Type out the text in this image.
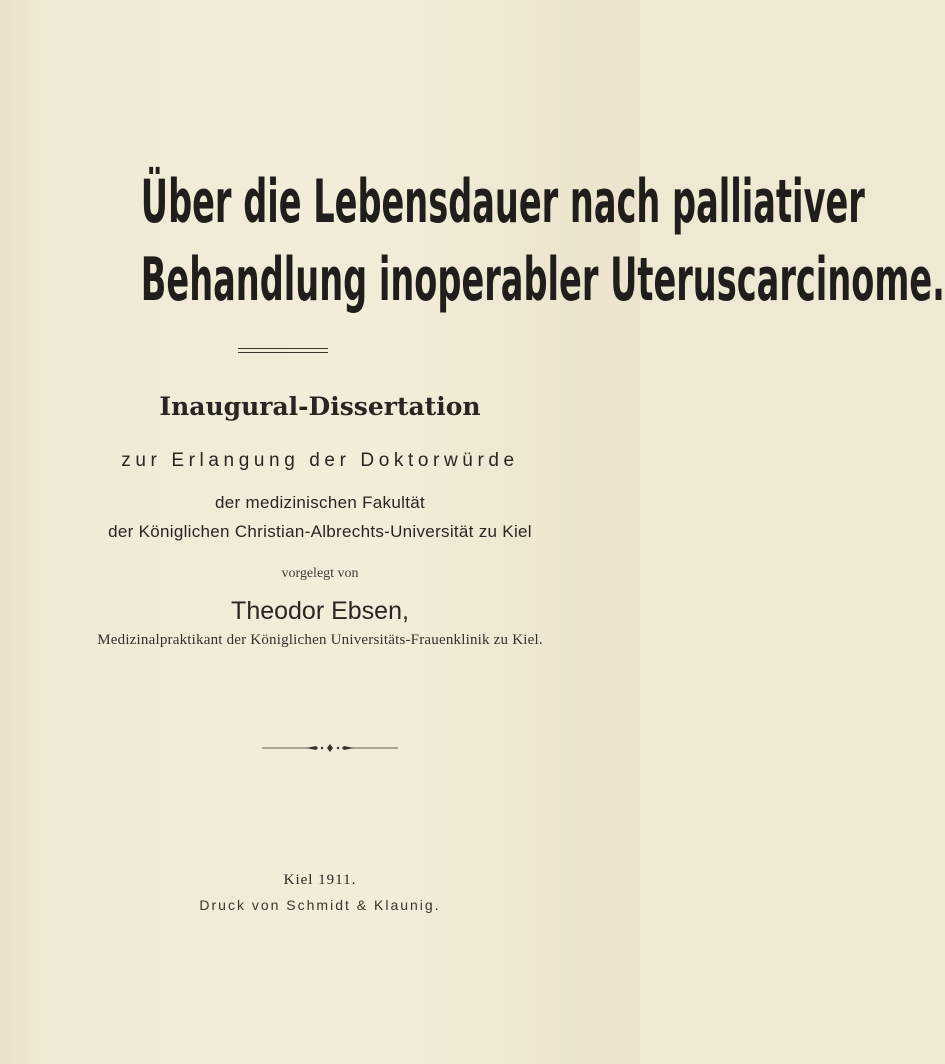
Über die Lebensdauer nach palliativer
Behandlung inoperabler Uteruscarcinome.
Inaugural-Dissertation
zur Erlangung der Doktorwürde
der medizinischen Fakultät
der Königlichen Christian-Albrechts-Universität zu Kiel
vorgelegt von
Theodor Ebsen,
Medizinalpraktikant der Königlichen Universitäts-Frauenklinik zu Kiel.
Kiel 1911.
Druck von Schmidt & Klaunig.
